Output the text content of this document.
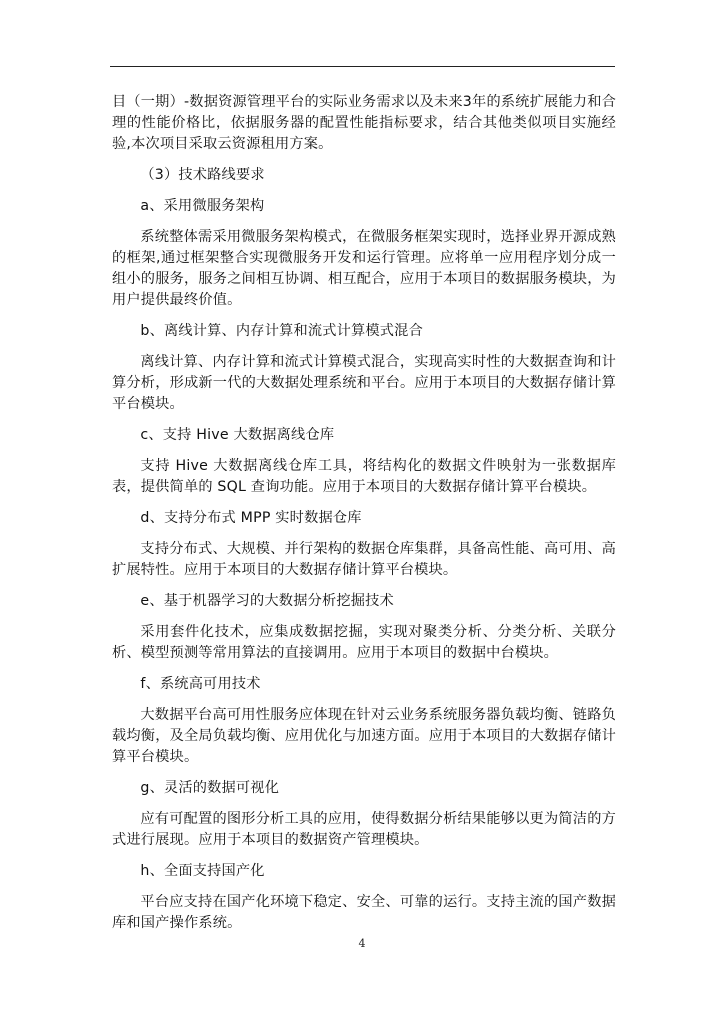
目（一期）-数据资源管理平台的实际业务需求以及未来3年的系统扩展能力和合理的性能价格比，依据服务器的配置性能指标要求，结合其他类似项目实施经验,本次项目采取云资源租用方案。

（3）技术路线要求

a、采用微服务架构

系统整体需采用微服务架构模式，在微服务框架实现时，选择业界开源成熟的框架,通过框架整合实现微服务开发和运行管理。应将单一应用程序划分成一组小的服务，服务之间相互协调、相互配合，应用于本项目的数据服务模块，为用户提供最终价值。

b、离线计算、内存计算和流式计算模式混合

离线计算、内存计算和流式计算模式混合，实现高实时性的大数据查询和计算分析，形成新一代的大数据处理系统和平台。应用于本项目的大数据存储计算平台模块。

c、支持 Hive 大数据离线仓库

支持 Hive 大数据离线仓库工具，将结构化的数据文件映射为一张数据库表，提供简单的 SQL 查询功能。应用于本项目的大数据存储计算平台模块。

d、支持分布式 MPP 实时数据仓库

支持分布式、大规模、并行架构的数据仓库集群，具备高性能、高可用、高扩展特性。应用于本项目的大数据存储计算平台模块。

e、基于机器学习的大数据分析挖掘技术

采用套件化技术，应集成数据挖掘，实现对聚类分析、分类分析、关联分析、模型预测等常用算法的直接调用。应用于本项目的数据中台模块。

f、系统高可用技术

大数据平台高可用性服务应体现在针对云业务系统服务器负载均衡、链路负载均衡，及全局负载均衡、应用优化与加速方面。应用于本项目的大数据存储计算平台模块。

g、灵活的数据可视化

应有可配置的图形分析工具的应用，使得数据分析结果能够以更为简洁的方式进行展现。应用于本项目的数据资产管理模块。

h、全面支持国产化

平台应支持在国产化环境下稳定、安全、可靠的运行。支持主流的国产数据库和国产操作系统。

4
